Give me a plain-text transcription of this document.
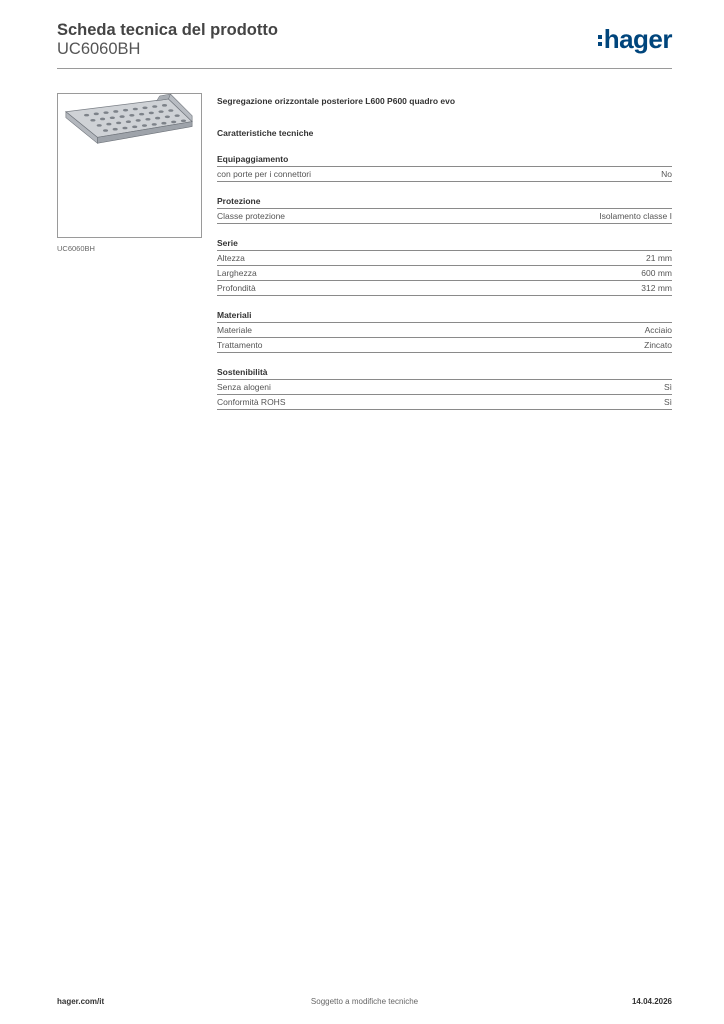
Scheda tecnica del prodotto
UC6060BH	hager
UC6060BH
Segregazione orizzontale posteriore L600 P600 quadro evo
Caratteristiche tecniche
Equipaggiamento
con porte per i connettori	No
Protezione
Classe protezione	Isolamento classe I
Serie
Altezza	21 mm
Larghezza	600 mm
Profondità	312 mm
Materiali
Materiale	Acciaio
Trattamento	Zincato
Sostenibilità
Senza alogeni	Sì
Conformità ROHS	Sì
hager.com/it	Soggetto a modifiche tecniche	14.04.2026
